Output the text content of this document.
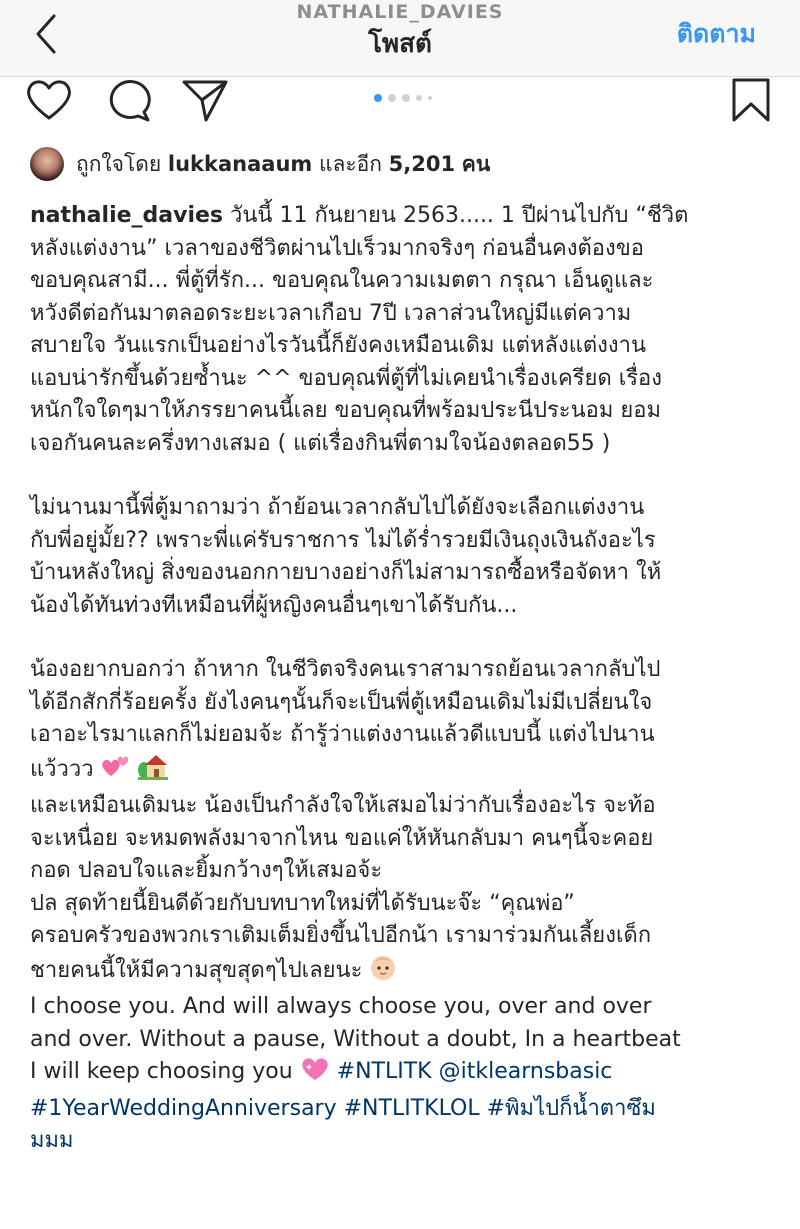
NATHALIE_DAVIES
โพสต์	ติดตาม
ถูกใจโดย lukkanaaum และอีก 5,201 คน

nathalie_davies วันนี้ 11 กันยายน 2563..... 1 ปีผ่านไปกับ “ชีวิต

หลังแต่งงาน” เวลาของชีวิตผ่านไปเร็วมากจริงๆ ก่อนอื่นคงต้องขอ

ขอบคุณสามี... พี่ตู้ที่รัก... ขอบคุณในความเมตตา กรุณา เอ็นดูและ

หวังดีต่อกันมาตลอดระยะเวลาเกือบ 7ปี เวลาส่วนใหญ่มีแต่ความ

สบายใจ วันแรกเป็นอย่างไรวันนี้ก็ยังคงเหมือนเดิม แต่หลังแต่งงาน

แอบน่ารักขึ้นด้วยซ้ำนะ ^^ ขอบคุณพี่ตู้ที่ไม่เคยนำเรื่องเครียด เรื่อง

หนักใจใดๆมาให้ภรรยาคนนี้เลย ขอบคุณที่พร้อมประนีประนอม ยอม

เจอกันคนละครึ่งทางเสมอ ( แต่เรื่องกินพี่ตามใจน้องตลอด55 )

ไม่นานมานี้พี่ตู้มาถามว่า ถ้าย้อนเวลากลับไปได้ยังจะเลือกแต่งงาน

กับพี่อยู่มั้ย?? เพราะพี่แค่รับราชการ ไม่ได้ร่ำรวยมีเงินถุงเงินถังอะไร

บ้านหลังใหญ่ สิ่งของนอกกายบางอย่างก็ไม่สามารถซื้อหรือจัดหา ให้

น้องได้ทันท่วงทีเหมือนที่ผู้หญิงคนอื่นๆเขาได้รับกัน...

น้องอยากบอกว่า ถ้าหาก ในชีวิตจริงคนเราสามารถย้อนเวลากลับไป

ได้อีกสักกี่ร้อยครั้ง ยังไงคนๆนั้นก็จะเป็นพี่ตู้เหมือนเดิมไม่มีเปลี่ยนใจ

เอาอะไรมาแลกก็ไม่ยอมจ้ะ ถ้ารู้ว่าแต่งงานแล้วดีแบบนี้ แต่งไปนาน

แว้ววว

และเหมือนเดิมนะ น้องเป็นกำลังใจให้เสมอไม่ว่ากับเรื่องอะไร จะท้อ

จะเหนื่อย จะหมดพลังมาจากไหน ขอแค่ให้หันกลับมา คนๆนี้จะคอย

กอด ปลอบใจและยิ้มกว้างๆให้เสมอจ้ะ

ปล สุดท้ายนี้ยินดีด้วยกับบทบาทใหม่ที่ได้รับนะจ๊ะ “คุณพ่อ”

ครอบครัวของพวกเราเติมเต็มยิ่งขึ้นไปอีกน้า เรามาร่วมกันเลี้ยงเด็ก

ชายคนนี้ให้มีความสุขสุดๆไปเลยนะ

I choose you. And will always choose you, over and over

and over. Without a pause, Without a doubt, In a heartbeat

I will keep choosing you #NTLITK @itklearnsbasic

#1YearWeddingAnniversary #NTLITKLOL #พิมไปก็น้ำตาซึม

มมม
